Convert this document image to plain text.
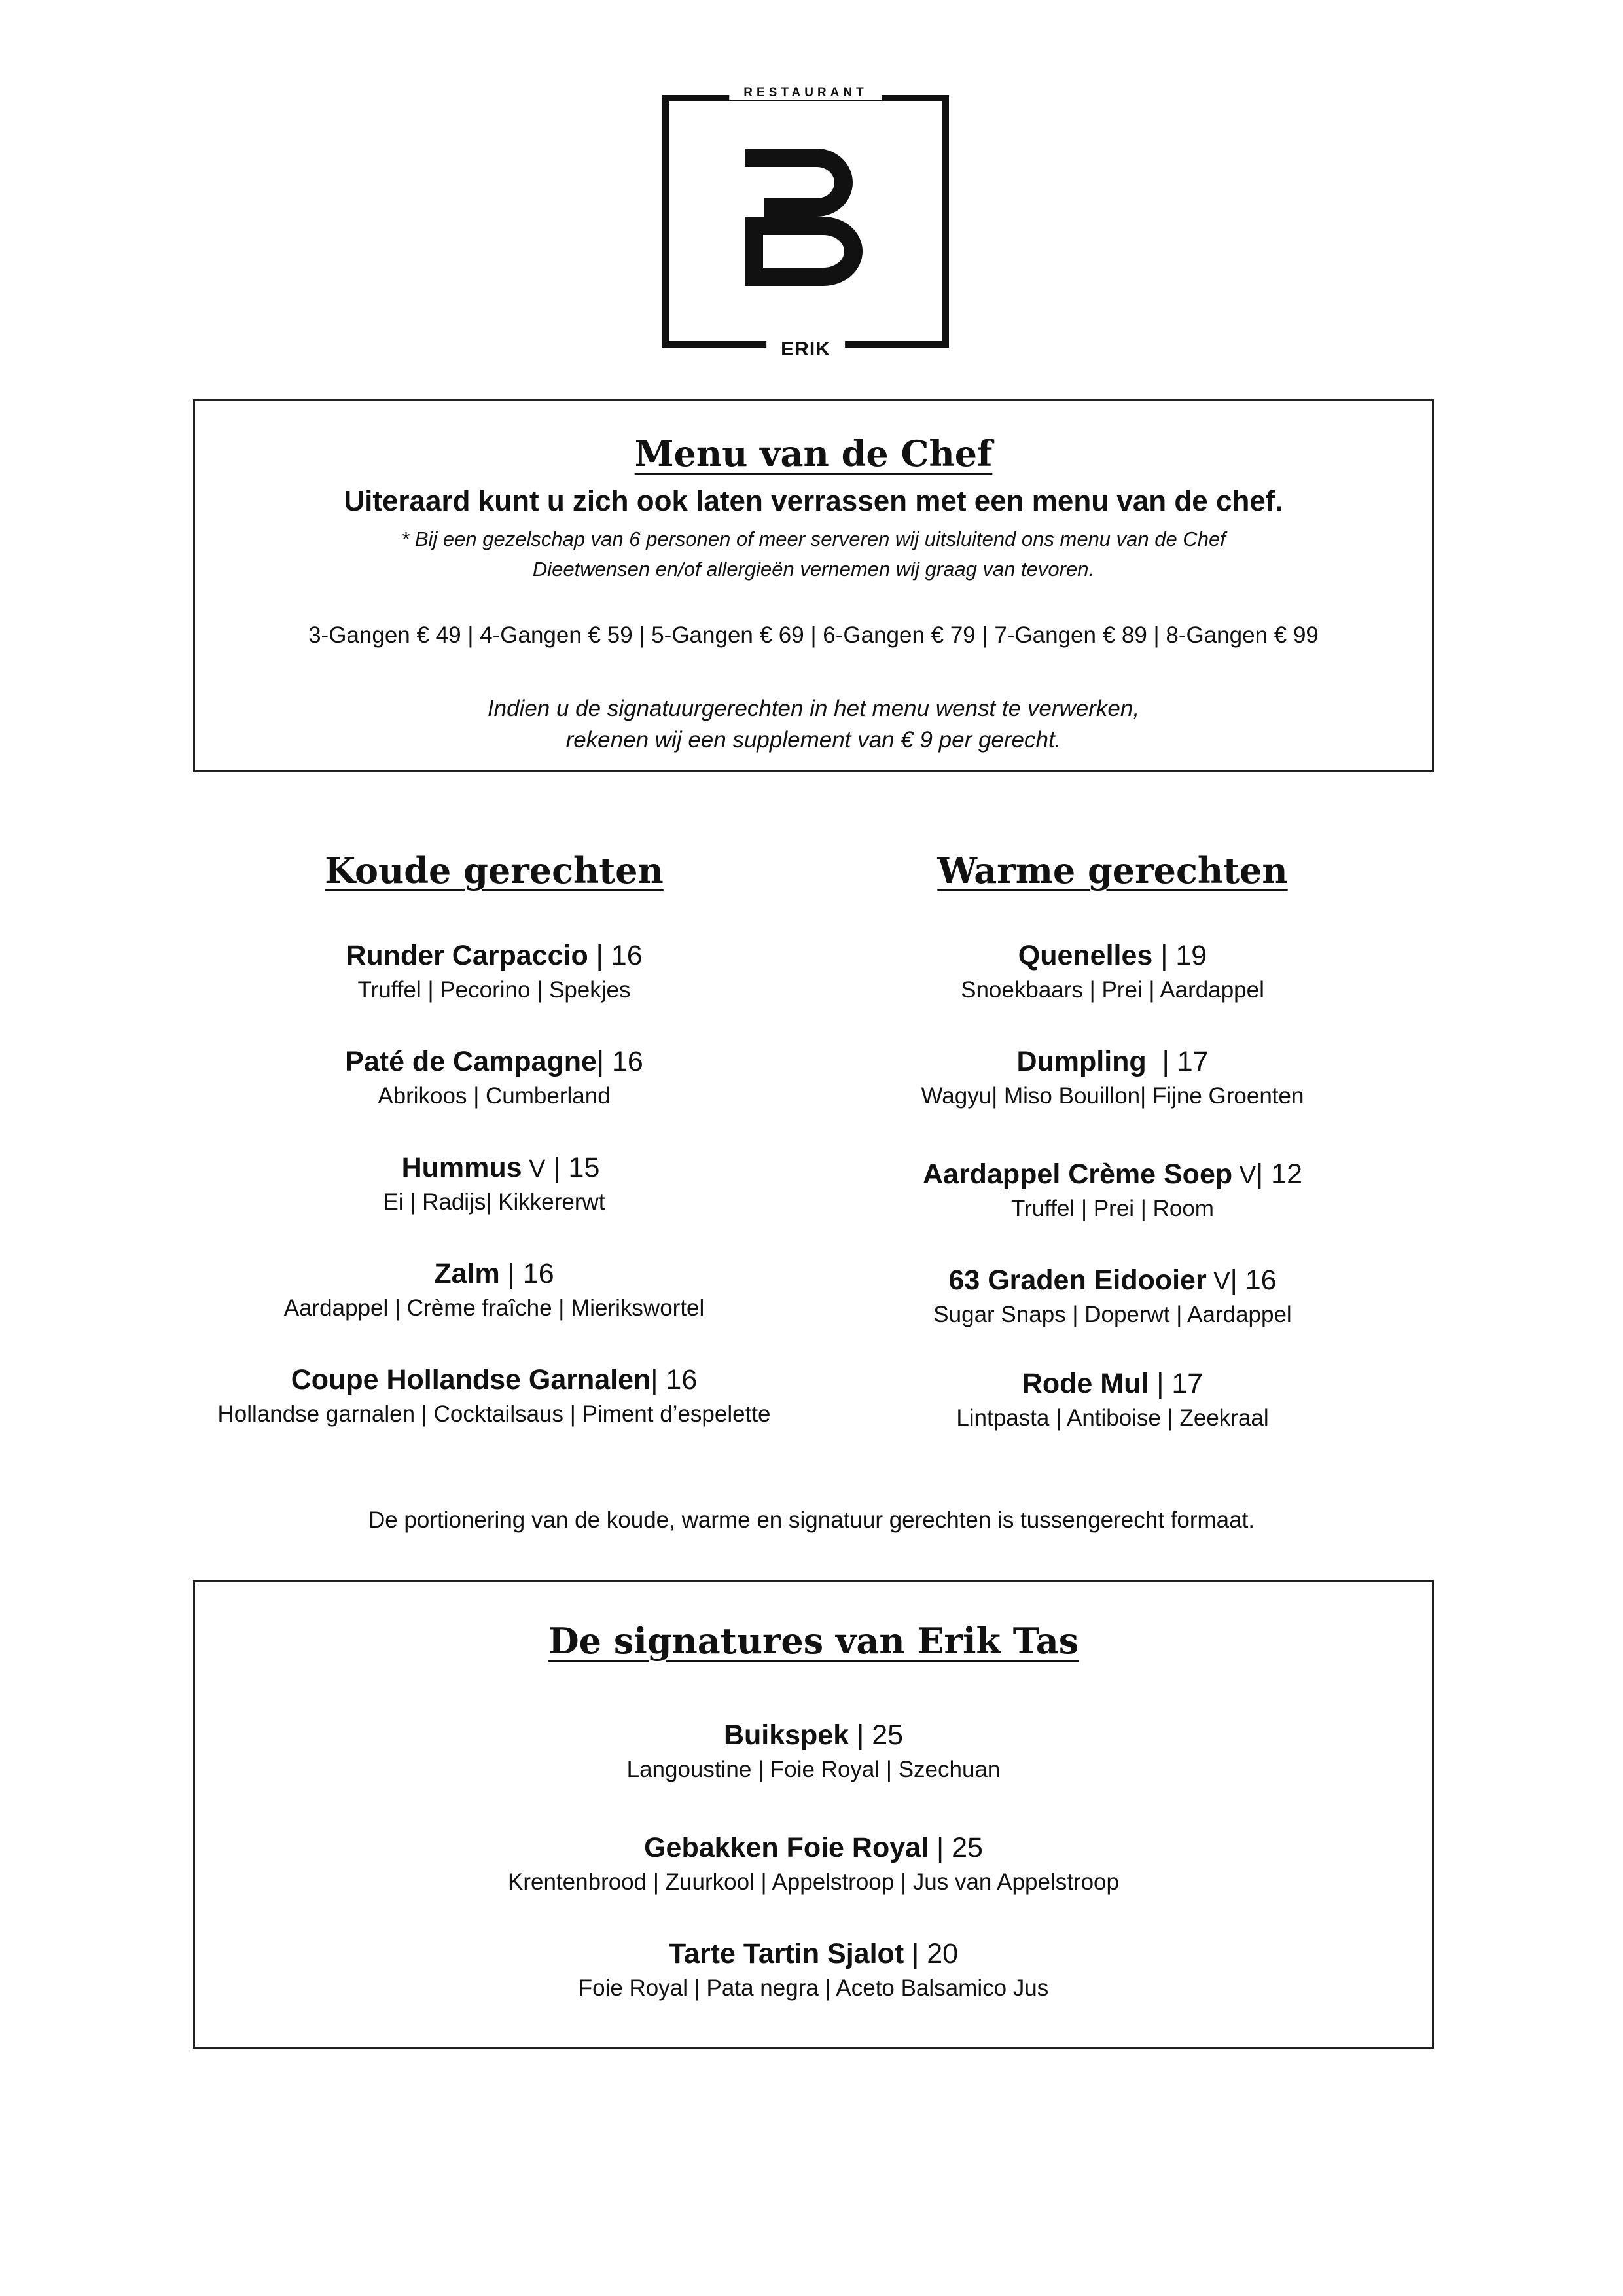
RESTAURANT
ERIK
Menu van de Chef
Uiteraard kunt u zich ook laten verrassen met een menu van de chef.
* Bij een gezelschap van 6 personen of meer serveren wij uitsluitend ons menu van de Chef
Dieetwensen en/of allergieën vernemen wij graag van tevoren.
3-Gangen € 49 | 4-Gangen € 59 | 5-Gangen € 69 | 6-Gangen € 79 | 7-Gangen € 89 | 8-Gangen € 99
Indien u de signatuurgerechten in het menu wenst te verwerken,
rekenen wij een supplement van € 9 per gerecht.
Koude gerechten
Runder Carpaccio | 16
Truffel | Pecorino | Spekjes
Paté de Campagne| 16
Abrikoos | Cumberland
Hummus V | 15
Ei | Radijs| Kikkererwt
Zalm | 16
Aardappel | Crème fraîche | Mierikswortel
Coupe Hollandse Garnalen| 16
Hollandse garnalen | Cocktailsaus | Piment d’espelette
Warme gerechten
Quenelles | 19
Snoekbaars | Prei | Aardappel
Dumpling  | 17
Wagyu| Miso Bouillon| Fijne Groenten
Aardappel Crème Soep V| 12
Truffel | Prei | Room
63 Graden Eidooier V| 16
Sugar Snaps | Doperwt | Aardappel
Rode Mul | 17
Lintpasta | Antiboise | Zeekraal
De portionering van de koude, warme en signatuur gerechten is tussengerecht formaat.
De signatures van Erik Tas
Buikspek | 25
Langoustine | Foie Royal | Szechuan
Gebakken Foie Royal | 25
Krentenbrood | Zuurkool | Appelstroop | Jus van Appelstroop
Tarte Tartin Sjalot | 20
Foie Royal | Pata negra | Aceto Balsamico Jus
